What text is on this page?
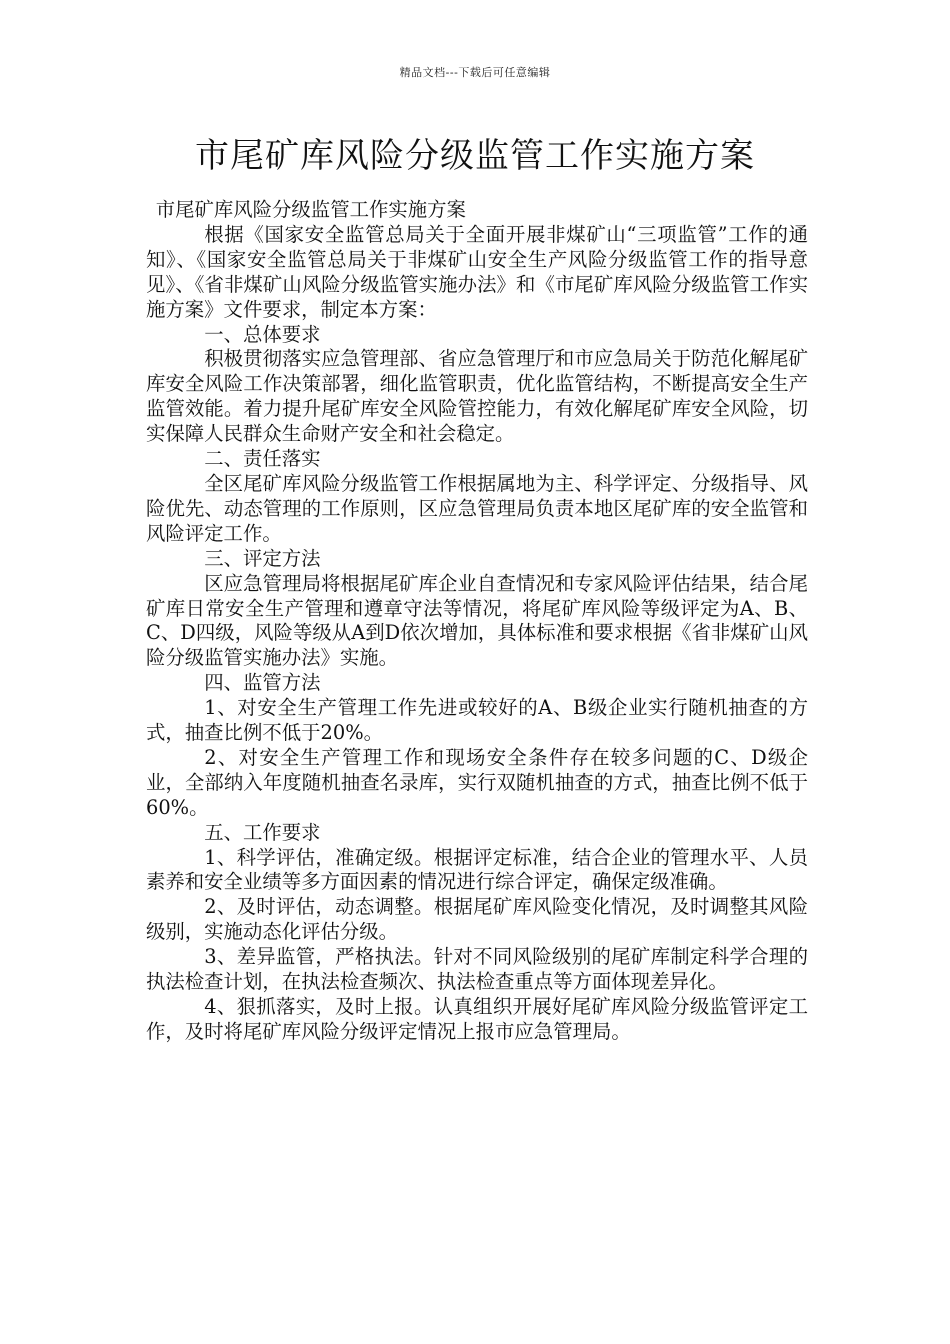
精品文档---下载后可任意编辑
市尾矿库风险分级监管工作实施方案

市尾矿库风险分级监管工作实施方案

根据《国家安全监管总局关于全面开展非煤矿山“三项监管”工作的通知》、《国家安全监管总局关于非煤矿山安全生产风险分级监管工作的指导意见》、《省非煤矿山风险分级监管实施办法》和《市尾矿库风险分级监管工作实施方案》文件要求，制定本方案：

一、总体要求

积极贯彻落实应急管理部、省应急管理厅和市应急局关于防范化解尾矿库安全风险工作决策部署，细化监管职责，优化监管结构，不断提高安全生产监管效能。着力提升尾矿库安全风险管控能力，有效化解尾矿库安全风险，切实保障人民群众生命财产安全和社会稳定。

二、责任落实

全区尾矿库风险分级监管工作根据属地为主、科学评定、分级指导、风险优先、动态管理的工作原则，区应急管理局负责本地区尾矿库的安全监管和风险评定工作。

三、评定方法

区应急管理局将根据尾矿库企业自查情况和专家风险评估结果，结合尾矿库日常安全生产管理和遵章守法等情况，将尾矿库风险等级评定为A、B、C、D四级，风险等级从A到D依次增加，具体标准和要求根据《省非煤矿山风险分级监管实施办法》实施。

四、监管方法

1、对安全生产管理工作先进或较好的A、B级企业实行随机抽查的方式，抽查比例不低于20%。

2、对安全生产管理工作和现场安全条件存在较多问题的C、D级企业，全部纳入年度随机抽查名录库，实行双随机抽查的方式，抽查比例不低于60%。

五、工作要求

1、科学评估，准确定级。根据评定标准，结合企业的管理水平、人员素养和安全业绩等多方面因素的情况进行综合评定，确保定级准确。

2、及时评估，动态调整。根据尾矿库风险变化情况，及时调整其风险级别，实施动态化评估分级。

3、差异监管，严格执法。针对不同风险级别的尾矿库制定科学合理的执法检查计划，在执法检查频次、执法检查重点等方面体现差异化。

4、狠抓落实，及时上报。认真组织开展好尾矿库风险分级监管评定工作，及时将尾矿库风险分级评定情况上报市应急管理局。
